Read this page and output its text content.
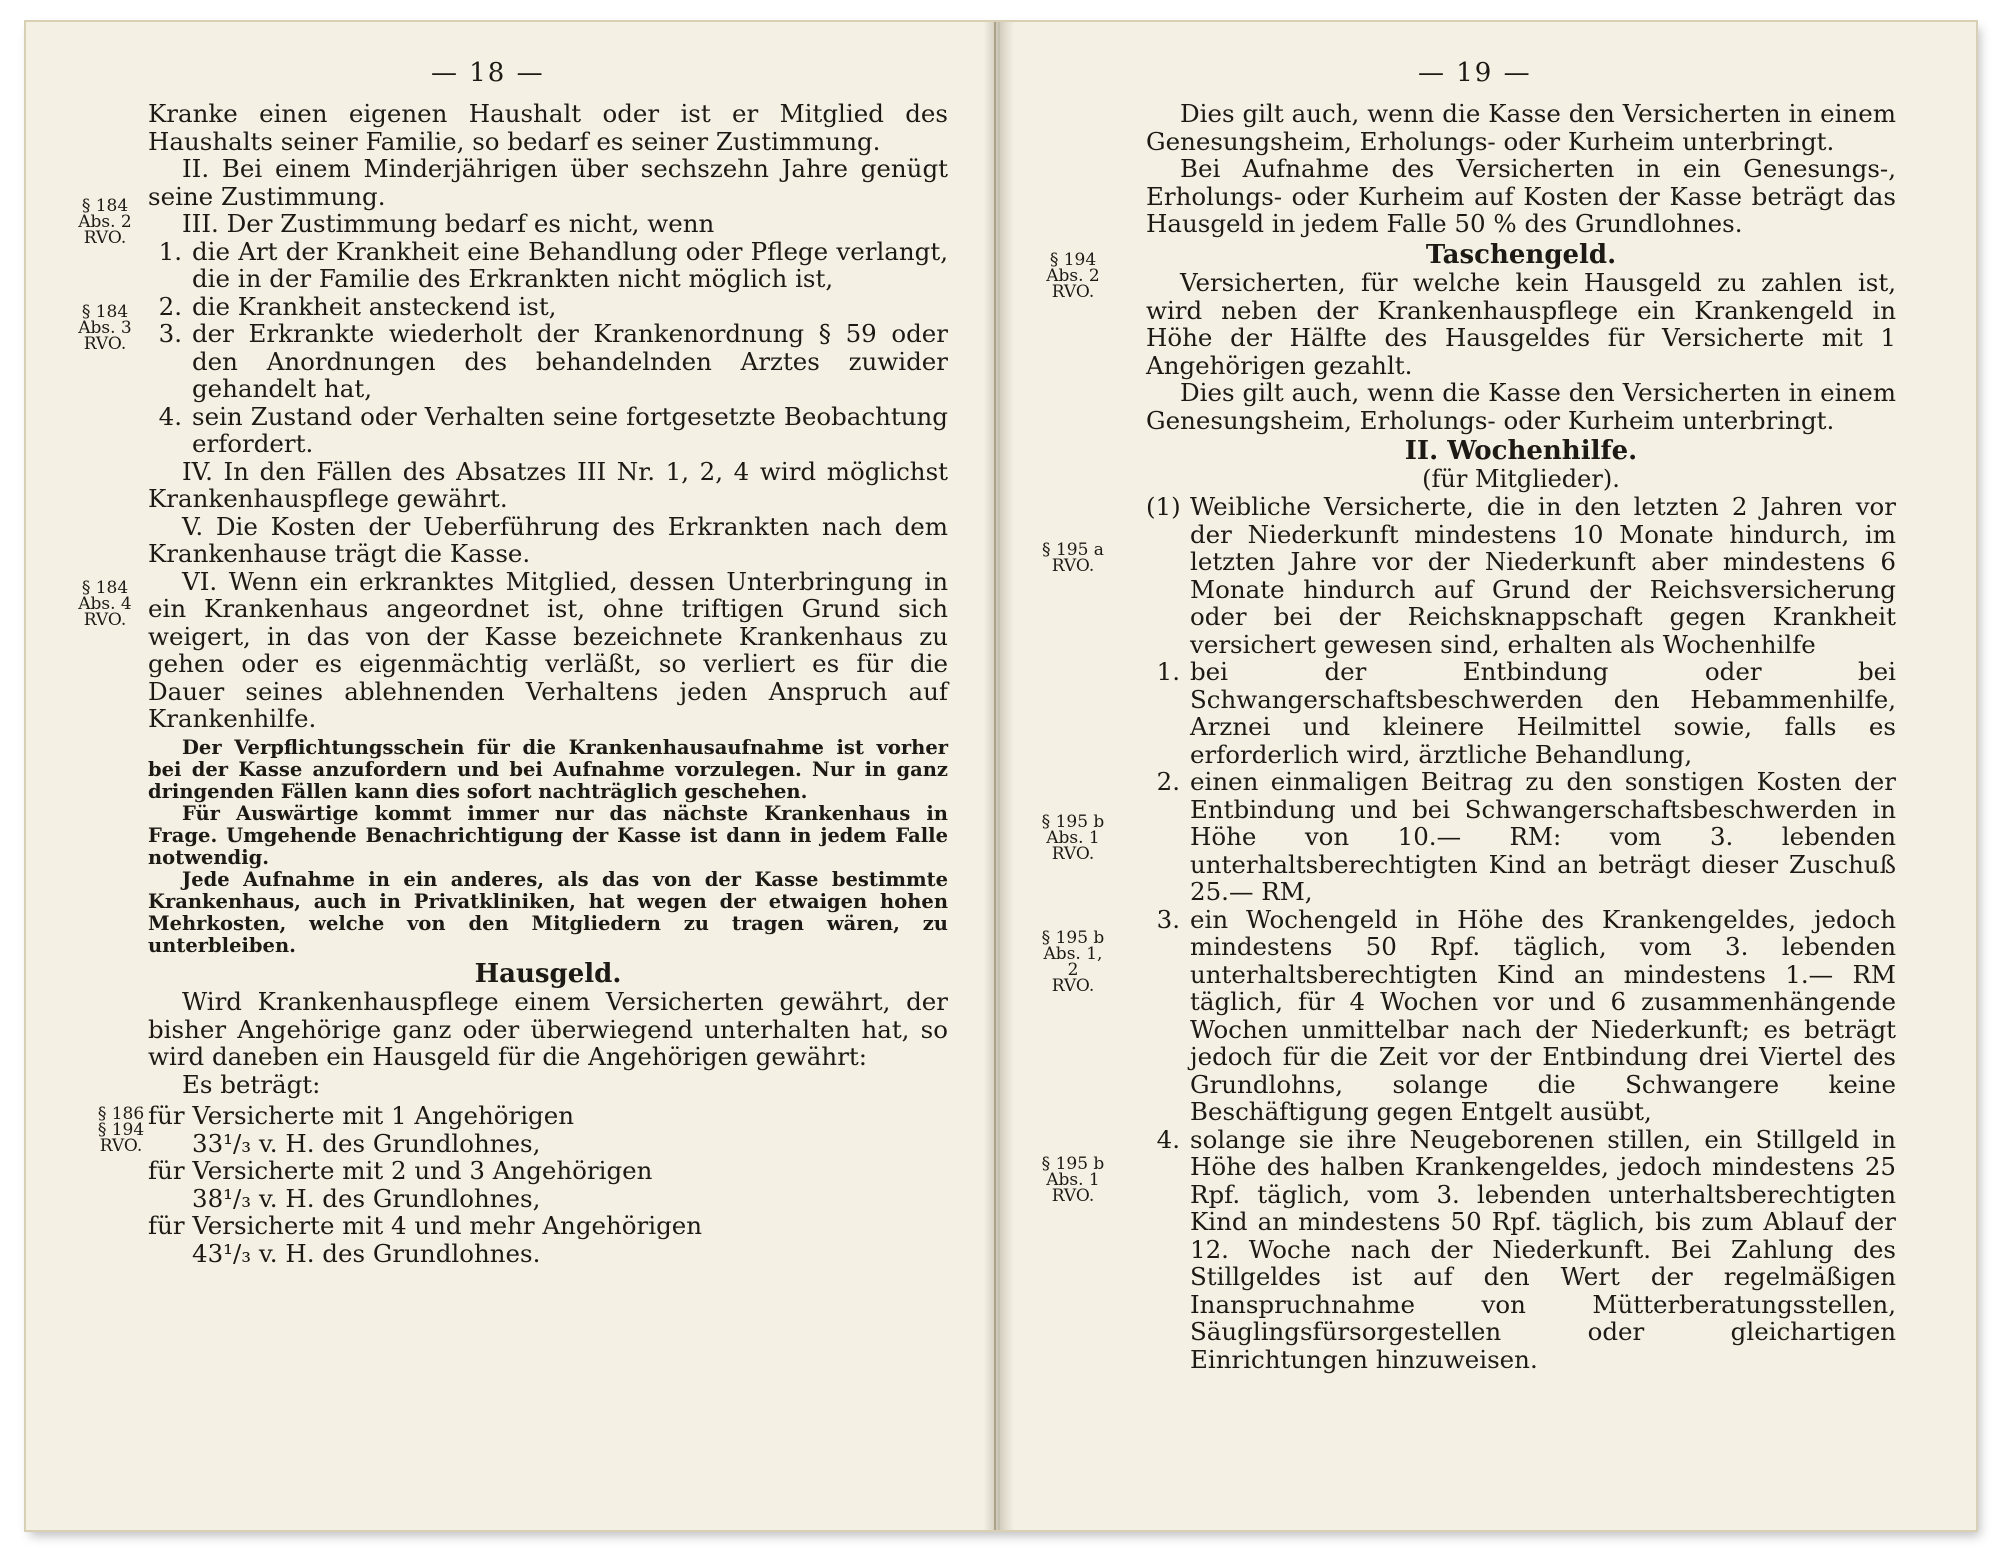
— 18 —
§ 184
Abs. 2
RVO.
§ 184
Abs. 3
RVO.
§ 184
Abs. 4
RVO.
§ 186
§ 194
RVO.

Kranke einen eigenen Haushalt oder ist er Mitglied des Haushalts seiner Familie, so bedarf es seiner Zustimmung.

II. Bei einem Minderjährigen über sechszehn Jahre genügt seine Zustimmung.

III. Der Zustimmung bedarf es nicht, wenn

1. die Art der Krankheit eine Behandlung oder Pflege verlangt, die in der Familie des Erkrankten nicht möglich ist,
2. die Krankheit ansteckend ist,
3. der Erkrankte wiederholt der Krankenordnung § 59 oder den Anordnungen des behandelnden Arztes zuwider gehandelt hat,
4. sein Zustand oder Verhalten seine fortgesetzte Beobachtung erfordert.

IV. In den Fällen des Absatzes III Nr. 1, 2, 4 wird möglichst Krankenhauspflege gewährt.

V. Die Kosten der Ueberführung des Erkrankten nach dem Krankenhause trägt die Kasse.

VI. Wenn ein erkranktes Mitglied, dessen Unterbringung in ein Krankenhaus angeordnet ist, ohne triftigen Grund sich weigert, in das von der Kasse bezeichnete Krankenhaus zu gehen oder es eigenmächtig verläßt, so verliert es für die Dauer seines ablehnenden Verhaltens jeden Anspruch auf Krankenhilfe.

Der Verpflichtungsschein für die Krankenhausaufnahme ist vorher bei der Kasse anzufordern und bei Aufnahme vorzulegen. Nur in ganz dringenden Fällen kann dies sofort nachträglich geschehen.

Für Auswärtige kommt immer nur das nächste Krankenhaus in Frage. Umgehende Benachrichtigung der Kasse ist dann in jedem Falle notwendig.

Jede Aufnahme in ein anderes, als das von der Kasse bestimmte Krankenhaus, auch in Privatkliniken, hat wegen der etwaigen hohen Mehrkosten, welche von den Mitgliedern zu tragen wären, zu unterbleiben.

Hausgeld.

Wird Krankenhauspflege einem Versicherten gewährt, der bisher Angehörige ganz oder überwiegend unterhalten hat, so wird daneben ein Hausgeld für die Angehörigen gewährt:

Es beträgt:

für Versicherte mit 1 Angehörigen

33¹/₃ v. H. des Grundlohnes,

für Versicherte mit 2 und 3 Angehörigen

38¹/₃ v. H. des Grundlohnes,

für Versicherte mit 4 und mehr Angehörigen

43¹/₃ v. H. des Grundlohnes.

— 19 —
§ 194
Abs. 2
RVO.
§ 195 a
RVO.
§ 195 b
Abs. 1
RVO.
§ 195 b
Abs. 1, 2
RVO.
§ 195 b
Abs. 1
RVO.

Dies gilt auch, wenn die Kasse den Versicherten in einem Genesungsheim, Erholungs- oder Kurheim unterbringt.

Bei Aufnahme des Versicherten in ein Genesungs-, Erholungs- oder Kurheim auf Kosten der Kasse beträgt das Hausgeld in jedem Falle 50 % des Grundlohnes.

Taschengeld.

Versicherten, für welche kein Hausgeld zu zahlen ist, wird neben der Krankenhauspflege ein Krankengeld in Höhe der Hälfte des Hausgeldes für Versicherte mit 1 Angehörigen gezahlt.

Dies gilt auch, wenn die Kasse den Versicherten in einem Genesungsheim, Erholungs- oder Kurheim unterbringt.

II. Wochenhilfe.
(für Mitglieder).
(1) Weibliche Versicherte, die in den letzten 2 Jahren vor der Niederkunft mindestens 10 Monate hindurch, im letzten Jahre vor der Niederkunft aber mindestens 6 Monate hindurch auf Grund der Reichsversicherung oder bei der Reichsknappschaft gegen Krankheit versichert gewesen sind, erhalten als Wochenhilfe
1. bei der Entbindung oder bei Schwangerschaftsbeschwerden den Hebammenhilfe, Arznei und kleinere Heilmittel sowie, falls es erforderlich wird, ärztliche Behandlung,
2. einen einmaligen Beitrag zu den sonstigen Kosten der Entbindung und bei Schwangerschaftsbeschwerden in Höhe von 10.— RM: vom 3. lebenden unterhaltsberechtigten Kind an beträgt dieser Zuschuß 25.— RM,
3. ein Wochengeld in Höhe des Krankengeldes, jedoch mindestens 50 Rpf. täglich, vom 3. lebenden unterhaltsberechtigten Kind an mindestens 1.— RM täglich, für 4 Wochen vor und 6 zusammenhängende Wochen unmittelbar nach der Niederkunft; es beträgt jedoch für die Zeit vor der Entbindung drei Viertel des Grundlohns, solange die Schwangere keine Beschäftigung gegen Entgelt ausübt,
4. solange sie ihre Neugeborenen stillen, ein Stillgeld in Höhe des halben Krankengeldes, jedoch mindestens 25 Rpf. täglich, vom 3. lebenden unterhaltsberechtigten Kind an mindestens 50 Rpf. täglich, bis zum Ablauf der 12. Woche nach der Niederkunft. Bei Zahlung des Stillgeldes ist auf den Wert der regelmäßigen Inanspruchnahme von Mütterberatungsstellen, Säuglingsfürsorgestellen oder gleichartigen Einrichtungen hinzuweisen.
